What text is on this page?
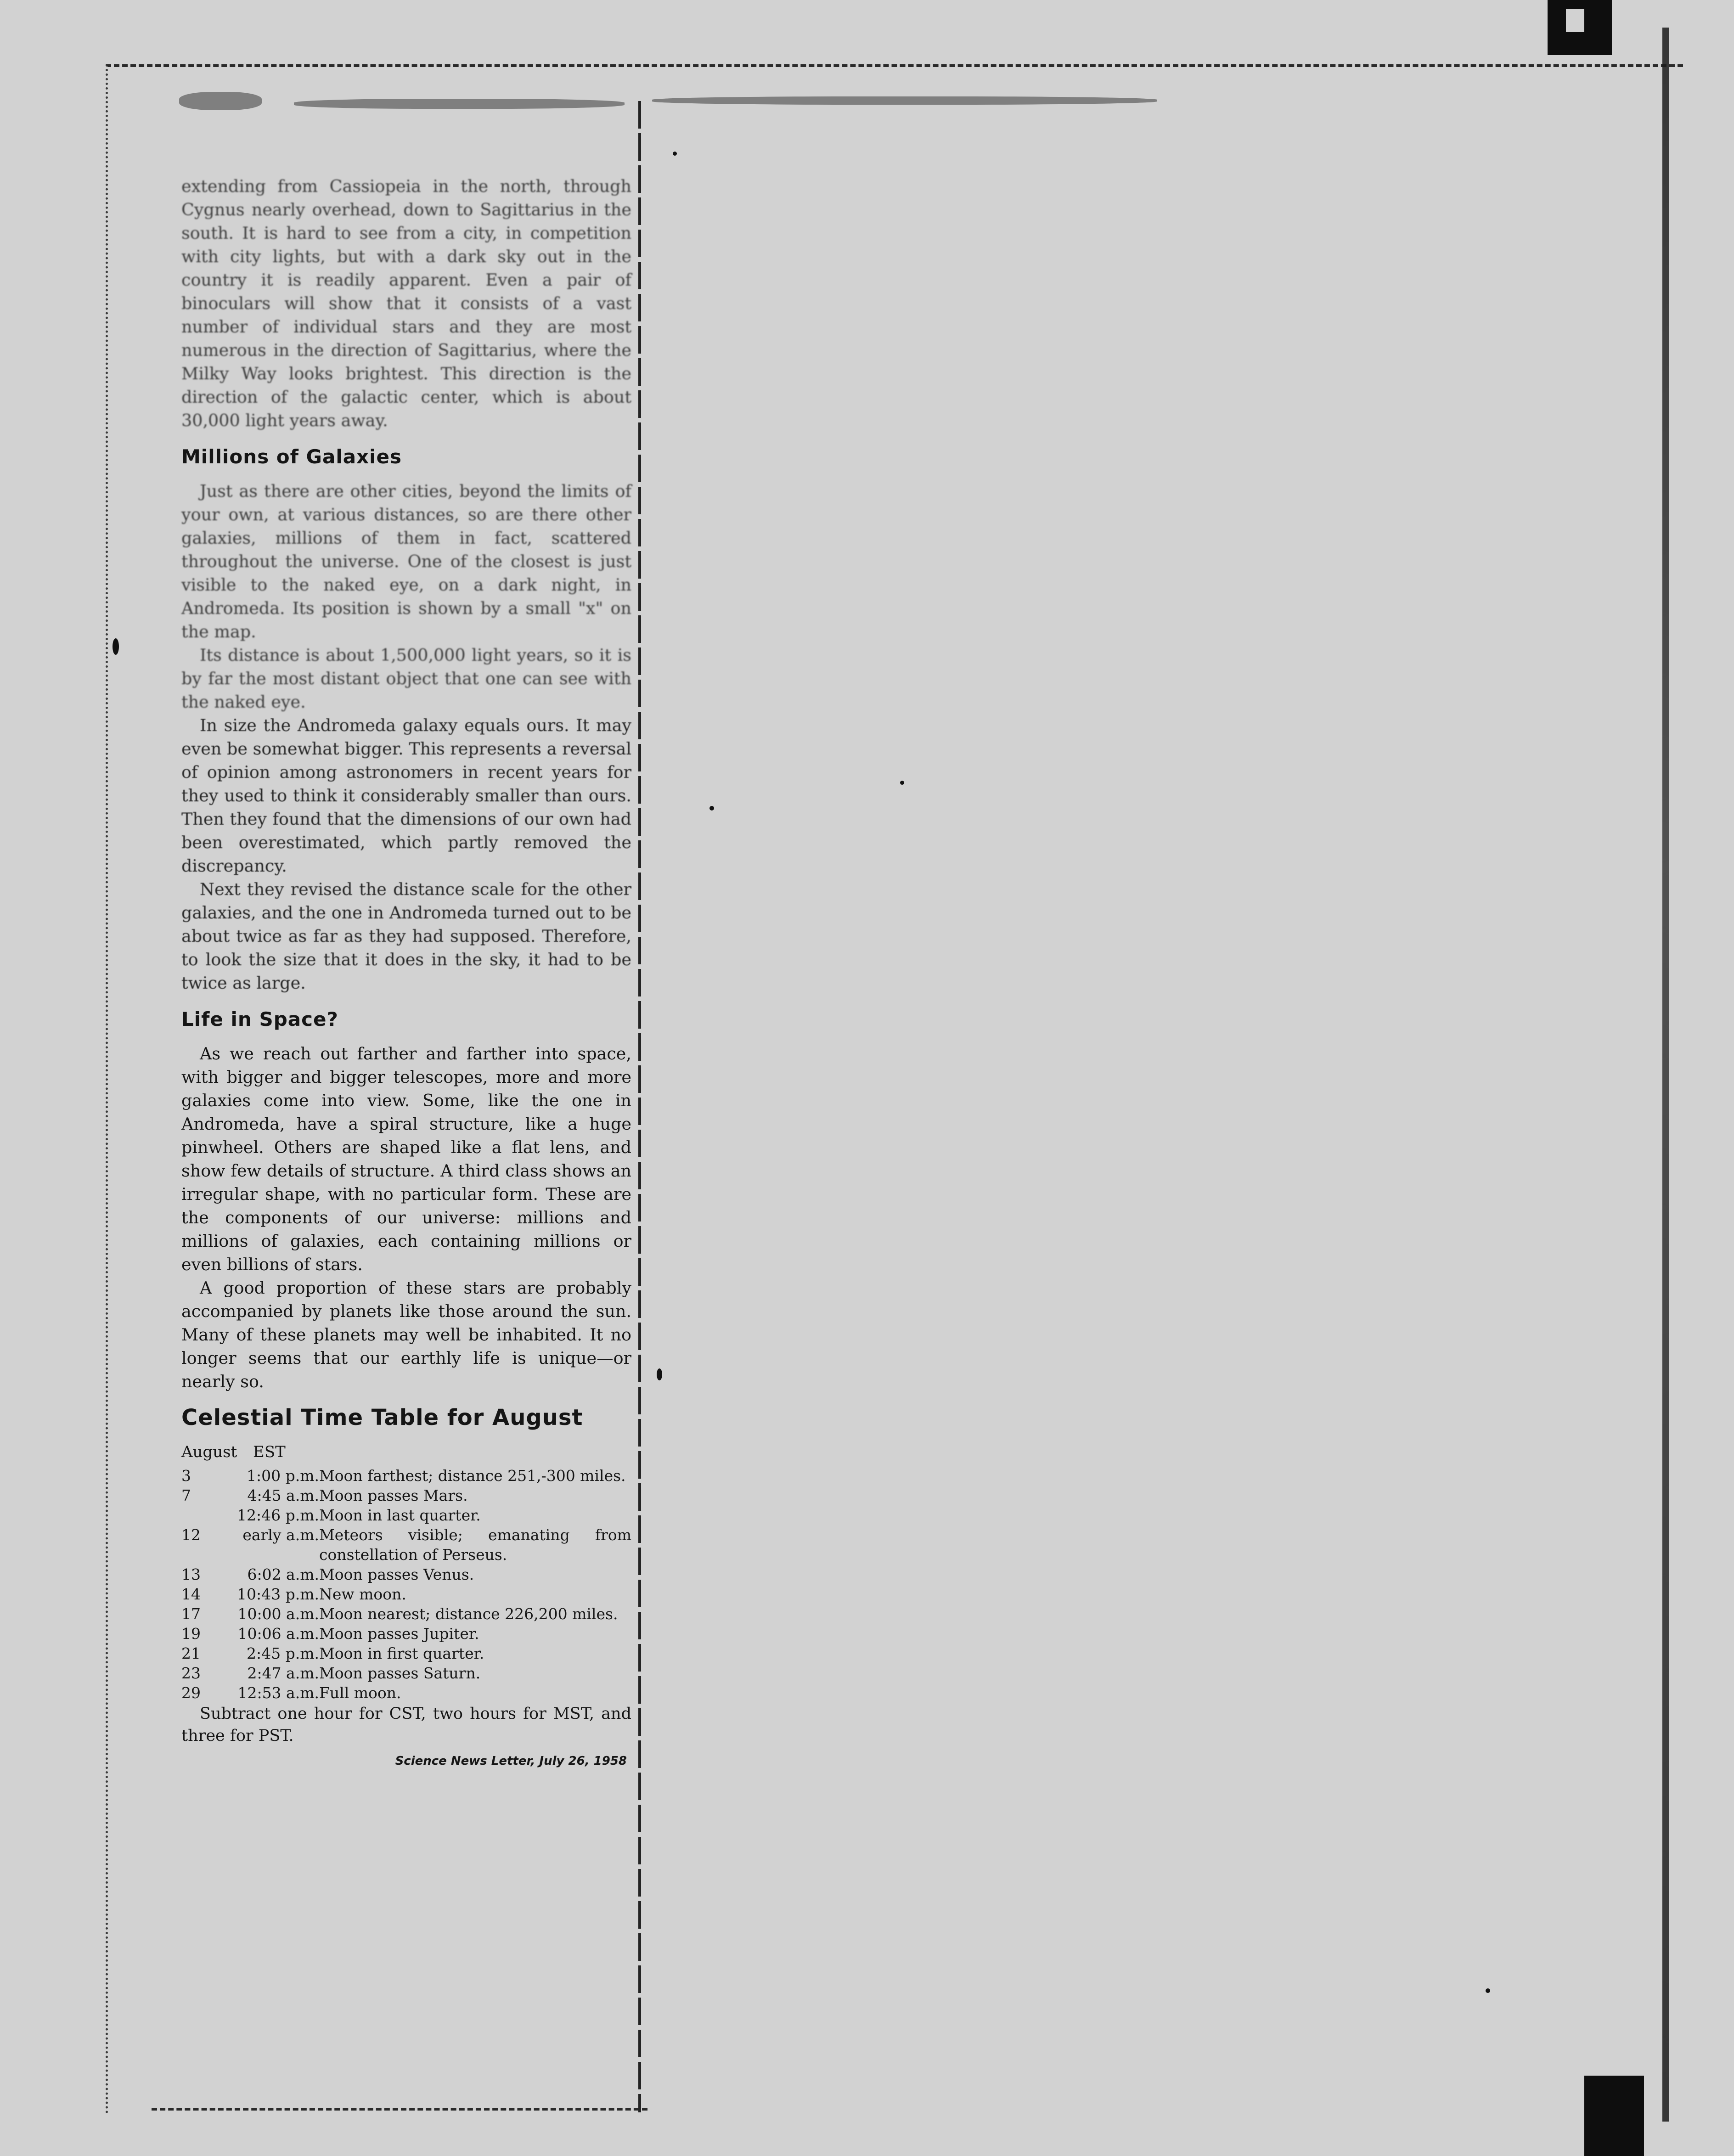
extending from Cassiopeia in the north, through Cygnus nearly overhead, down to Sagittarius in the south. It is hard to see from a city, in competition with city lights, but with a dark sky out in the country it is readily apparent. Even a pair of binoculars will show that it consists of a vast number of individual stars and they are most numerous in the direction of Sagittarius, where the Milky Way looks brightest. This direction is the direction of the galactic center, which is about 30,000 light years away.

Millions of Galaxies

Just as there are other cities, beyond the limits of your own, at various distances, so are there other galaxies, millions of them in fact, scattered throughout the universe. One of the closest is just visible to the naked eye, on a dark night, in Andromeda. Its position is shown by a small "x" on the map.

Its distance is about 1,500,000 light years, so it is by far the most distant object that one can see with the naked eye.

In size the Andromeda galaxy equals ours. It may even be somewhat bigger. This represents a reversal of opinion among astronomers in recent years for they used to think it considerably smaller than ours. Then they found that the dimensions of our own had been overestimated, which partly removed the discrepancy.

Next they revised the distance scale for the other galaxies, and the one in Andromeda turned out to be about twice as far as they had supposed. Therefore, to look the size that it does in the sky, it had to be twice as large.

Life in Space?

As we reach out farther and farther into space, with bigger and bigger telescopes, more and more galaxies come into view. Some, like the one in Andromeda, have a spiral structure, like a huge pinwheel. Others are shaped like a flat lens, and show few details of structure. A third class shows an irregular shape, with no particular form. These are the components of our universe: millions and millions of galaxies, each containing millions or even billions of stars.

A good proportion of these stars are probably accompanied by planets like those around the sun. Many of these planets may well be inhabited. It no longer seems that our earthly life is unique—or nearly so.

Celestial Time Table for August
August EST
3	1:00 p.m.	Moon farthest; distance 251,-300 miles.
7	4:45 a.m.	Moon passes Mars.
	12:46 p.m.	Moon in last quarter.
12	early a.m.	Meteors visible; emanating from constellation of Perseus.
13	6:02 a.m.	Moon passes Venus.
14	10:43 p.m.	New moon.
17	10:00 a.m.	Moon nearest; distance 226,200 miles.
19	10:06 a.m.	Moon passes Jupiter.
21	2:45 p.m.	Moon in first quarter.
23	2:47 a.m.	Moon passes Saturn.
29	12:53 a.m.	Full moon.

Subtract one hour for CST, two hours for MST, and three for PST.

Science News Letter, July 26, 1958
